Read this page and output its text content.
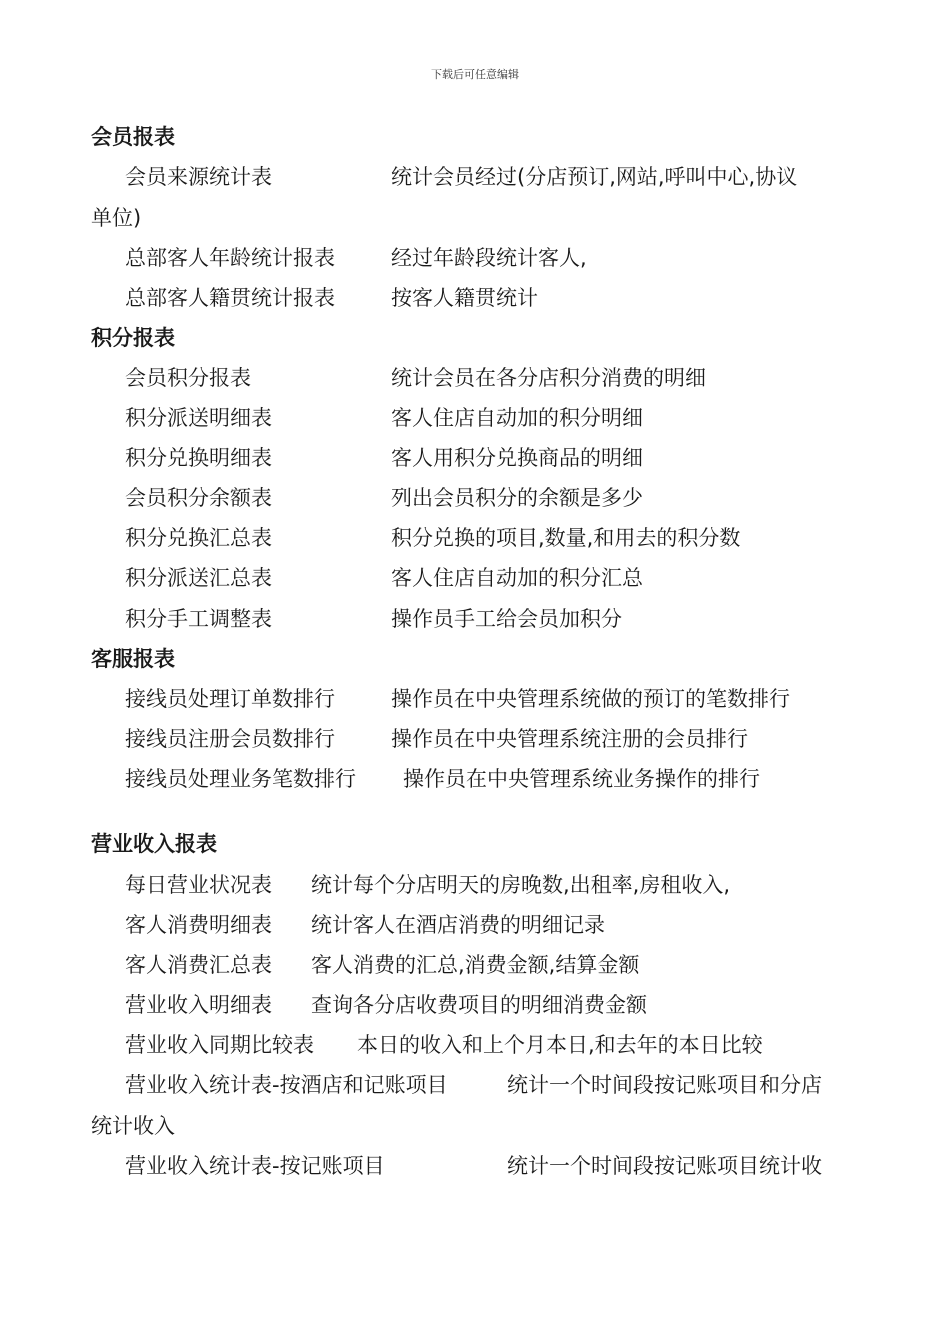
下载后可任意编辑
会员报表
会员来源统计表	统计会员经过(分店预订,网站,呼叫中心,协议
单位)
总部客人年龄统计报表	经过年龄段统计客人,
总部客人籍贯统计报表	按客人籍贯统计
积分报表
会员积分报表	统计会员在各分店积分消费的明细
积分派送明细表	客人住店自动加的积分明细
积分兑换明细表	客人用积分兑换商品的明细
会员积分余额表	列出会员积分的余额是多少
积分兑换汇总表	积分兑换的项目,数量,和用去的积分数
积分派送汇总表	客人住店自动加的积分汇总
积分手工调整表	操作员手工给会员加积分
客服报表
接线员处理订单数排行	操作员在中央管理系统做的预订的笔数排行
接线员注册会员数排行	操作员在中央管理系统注册的会员排行
接线员处理业务笔数排行 操作员在中央管理系统业务操作的排行
营业收入报表
每日营业状况表 统计每个分店明天的房晚数,出租率,房租收入,
客人消费明细表 统计客人在酒店消费的明细记录
客人消费汇总表 客人消费的汇总,消费金额,结算金额
营业收入明细表 查询各分店收费项目的明细消费金额
营业收入同期比较表 本日的收入和上个月本日,和去年的本日比较
营业收入统计表-按酒店和记账项目	统计一个时间段按记账项目和分店
统计收入
营业收入统计表-按记账项目	统计一个时间段按记账项目统计收
